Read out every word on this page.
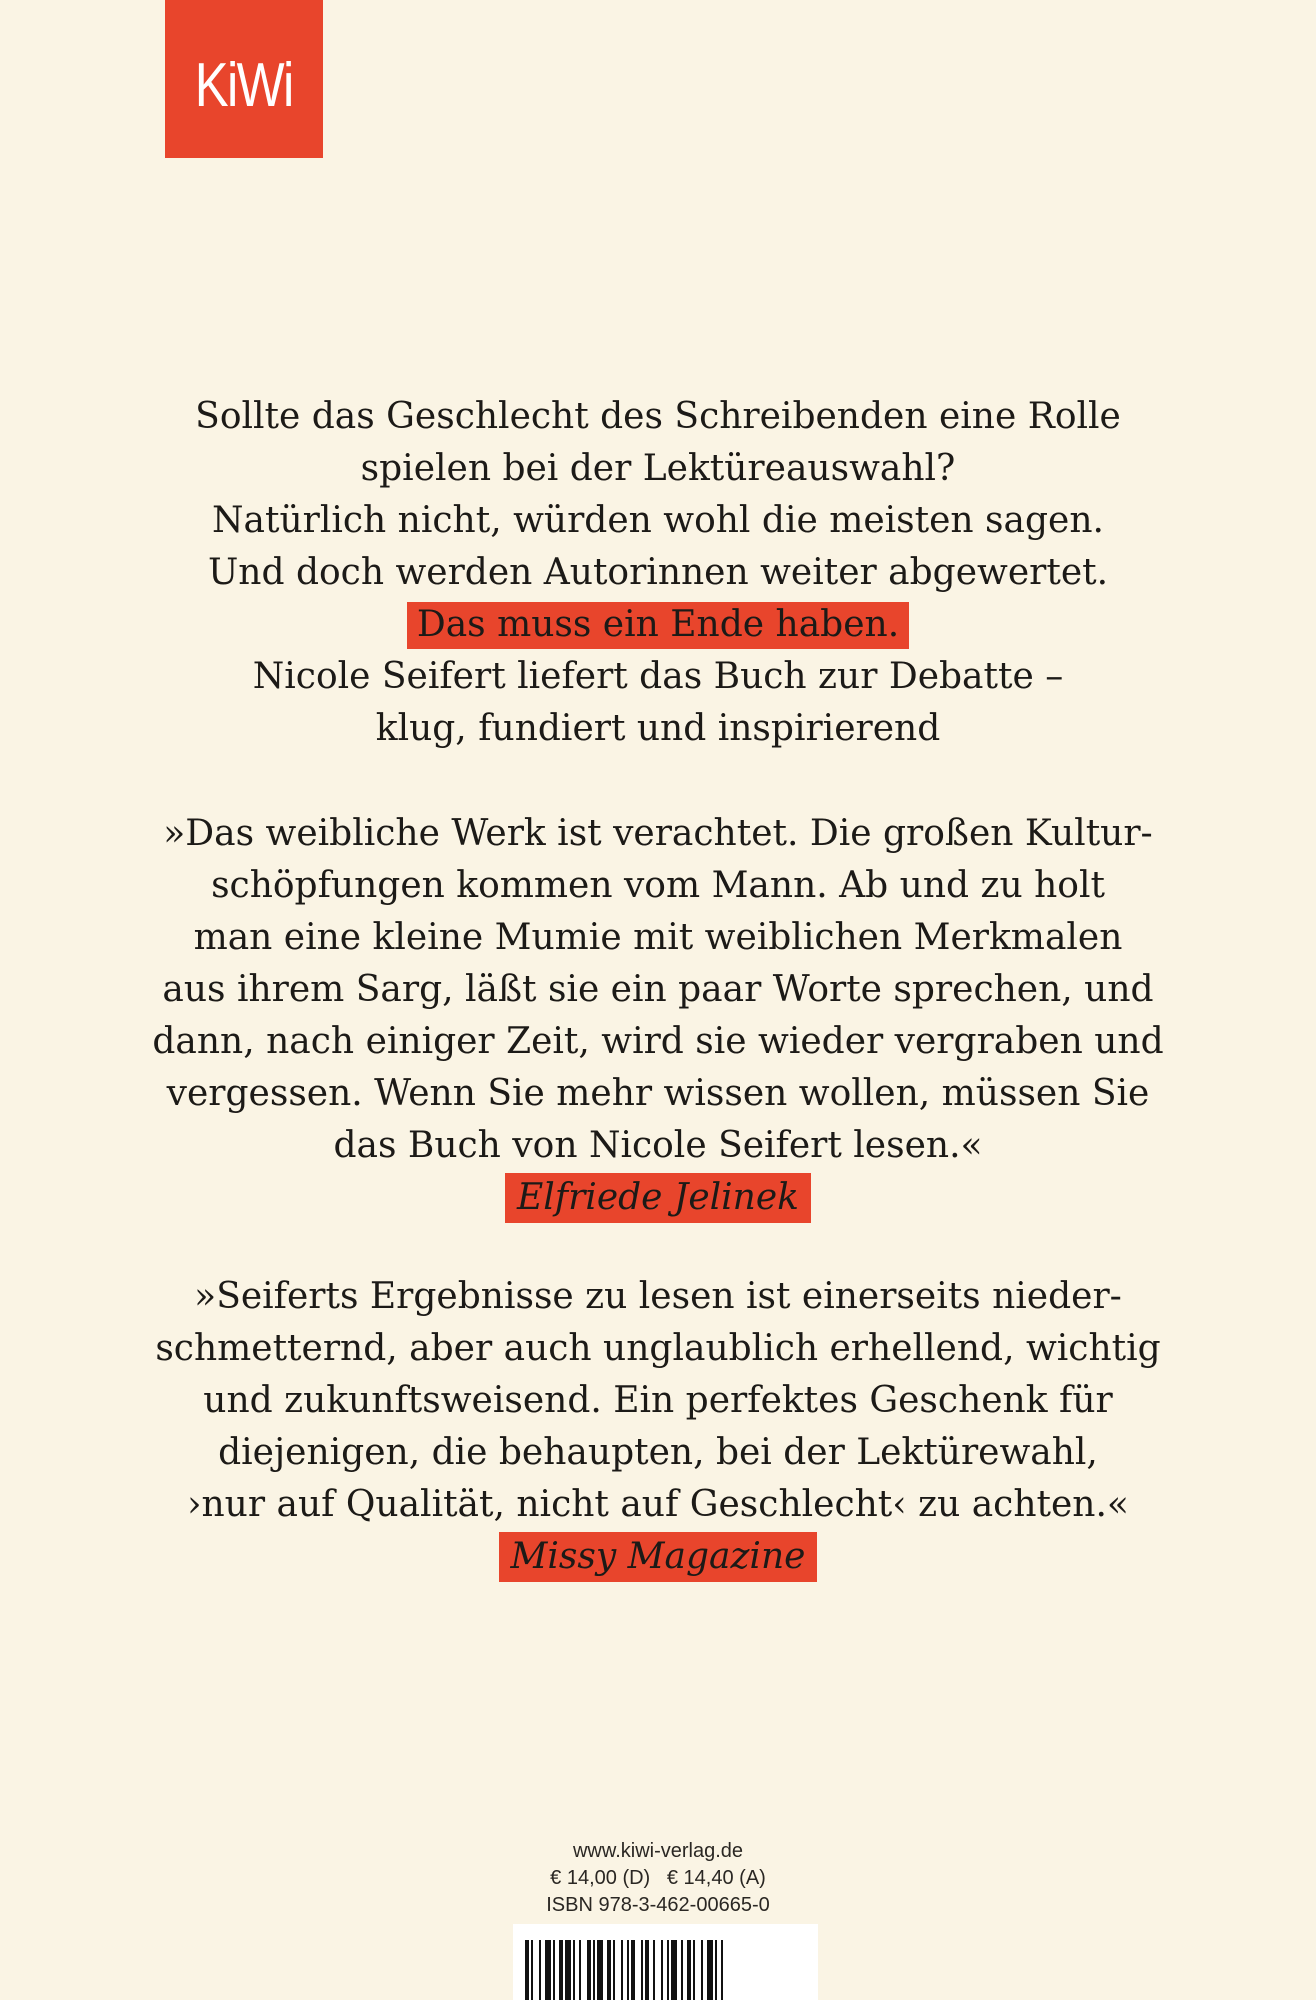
KiWi
Sollte das Geschlecht des Schreibenden eine Rolle
spielen bei der Lektüreauswahl?
Natürlich nicht, würden wohl die meisten sagen.
Und doch werden Autorinnen weiter abgewertet.
Das muss ein Ende haben.
Nicole Seifert liefert das Buch zur Debatte –
klug, fundiert und inspirierend
»Das weibliche Werk ist verachtet. Die großen Kultur-
schöpfungen kommen vom Mann. Ab und zu holt
man eine kleine Mumie mit weiblichen Merkmalen
aus ihrem Sarg, läßt sie ein paar Worte sprechen, und
dann, nach einiger Zeit, wird sie wieder vergraben und
vergessen. Wenn Sie mehr wissen wollen, müssen Sie
das Buch von Nicole Seifert lesen.«
Elfriede Jelinek
»Seiferts Ergebnisse zu lesen ist einerseits nieder-
schmetternd, aber auch unglaublich erhellend, wichtig
und zukunftsweisend. Ein perfektes Geschenk für
diejenigen, die behaupten, bei der Lektürewahl,
›nur auf Qualität, nicht auf Geschlecht‹ zu achten.«
Missy Magazine
www.kiwi-verlag.de
€ 14,00 (D)   € 14,40 (A)
ISBN 978-3-462-00665-0
